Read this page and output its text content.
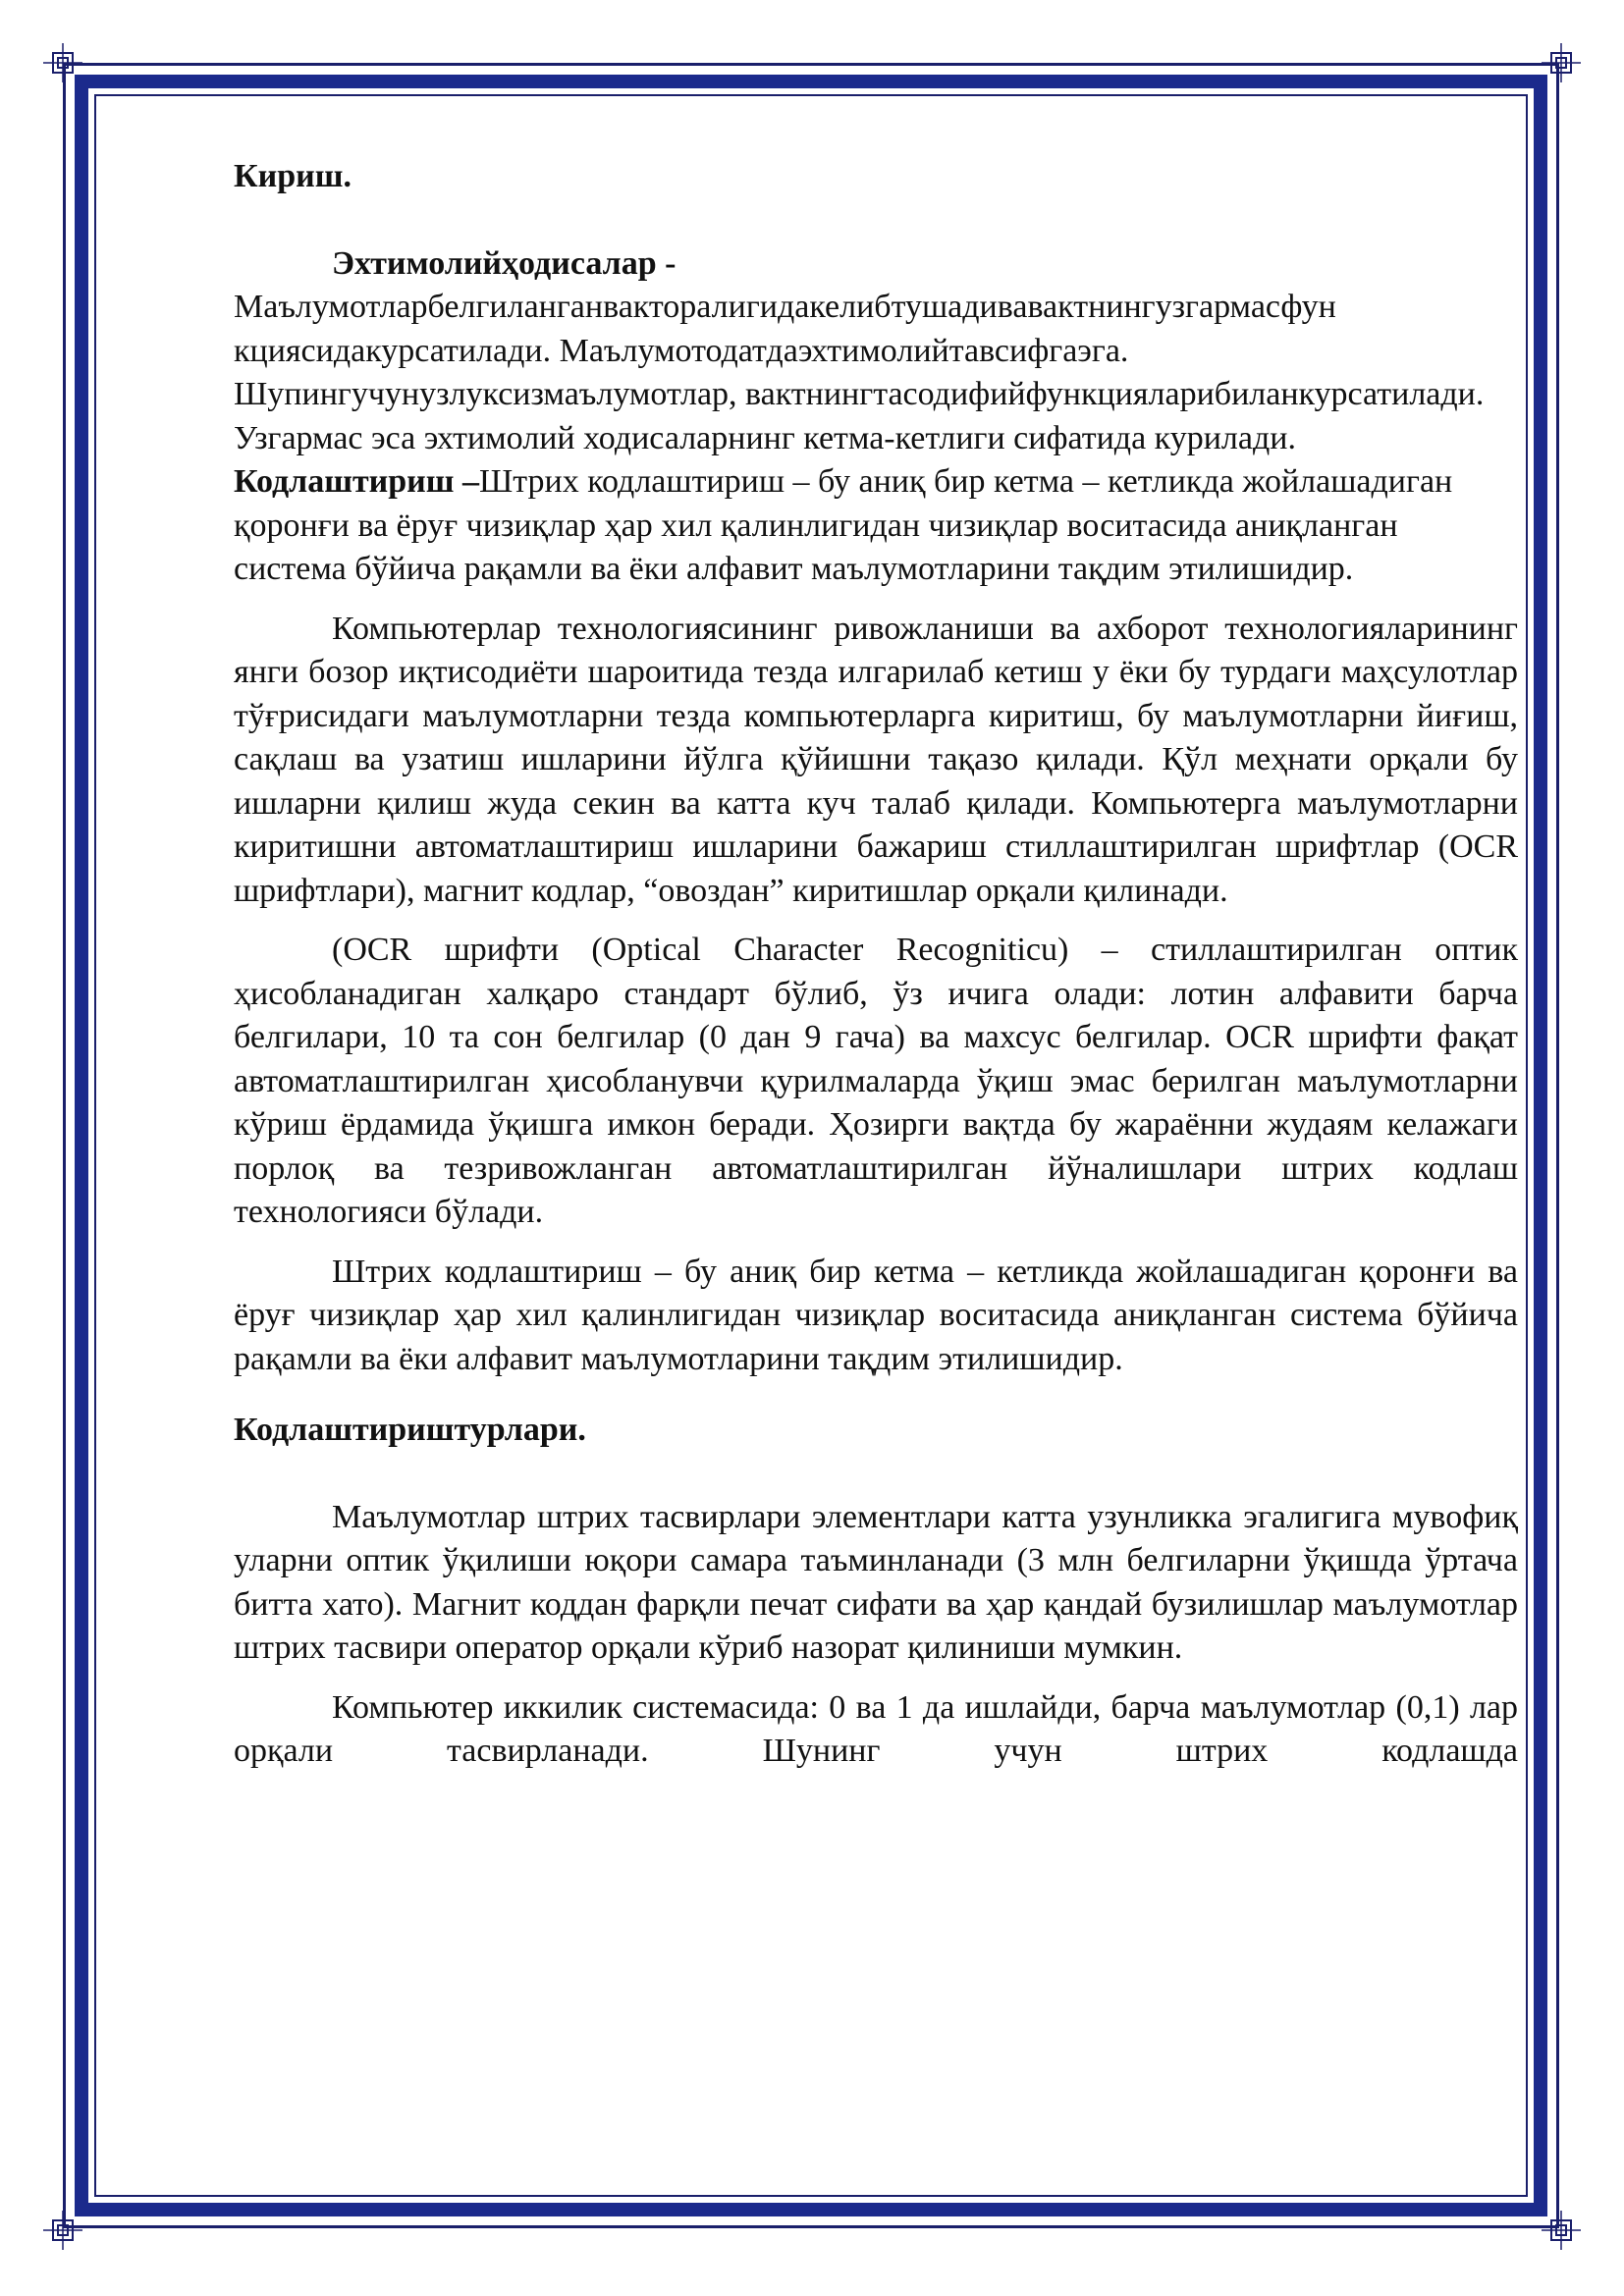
Кириш.

Эхтимолийҳодисалар -

Маълумотларбелгиланганвакторалигидакелибтушадивавактнингузгармасфун кциясидакурсатилади. Маълумотодатдаэхтимолийтавсифгаэга. Шупингучунузлуксизмаълумотлар, вактнингтасодифийфункцияларибиланкурсатилади. Узгармас эса эхтимолий ходисаларнинг кетма-кетлиги сифатида курилади. Кодлаштириш –Штрих кодлаштириш – бу аниқ бир кетма – кетликда жойлашадиган қоронғи ва ёруғ чизиқлар ҳар хил қалинлигидан чизиқлар воситасида аниқланган система бўйича рақамли ва ёки алфавит маълумотларини тақдим этилишидир.

Компьютерлар технологиясининг ривожланиши ва ахборот технологияларининг янги бозор иқтисодиёти шароитида тезда илгарилаб кетиш у ёки бу турдаги маҳсулотлар тўғрисидаги маълумотларни тезда компьютерларга киритиш, бу маълумотларни йиғиш, сақлаш ва узатиш ишларини йўлга қўйишни тақазо қилади. Қўл меҳнати орқали бу ишларни қилиш жуда секин ва катта куч талаб қилади. Компьютерга маълумотларни киритишни автоматлаштириш ишларини бажариш стиллаштирилган шрифтлар (OCR шрифтлари), магнит кодлар, “овоздан” киритишлар орқали қилинади.

(OCR шрифти (Optical Character Recogniticu) – стиллаштирилган оптик ҳисобланадиган халқаро стандарт бўлиб, ўз ичига олади: лотин алфавити барча белгилари, 10 та сон белгилар (0 дан 9 гача) ва махсус белгилар. OCR шрифти фақат автоматлаштирилган ҳисобланувчи қурилмаларда ўқиш эмас берилган маълумотларни кўриш ёрдамида ўқишга имкон беради. Ҳозирги вақтда бу жараённи жудаям келажаги порлоқ ва тезривожланган автоматлаштирилган йўналишлари штрих кодлаш технологияси бўлади.

Штрих кодлаштириш – бу аниқ бир кетма – кетликда жойлашадиган қоронғи ва ёруғ чизиқлар ҳар хил қалинлигидан чизиқлар воситасида аниқланган система бўйича рақамли ва ёки алфавит маълумотларини тақдим этилишидир.

Кодлаштириштурлари.

Маълумотлар штрих тасвирлари элементлари катта узунликка эгалигига мувофиқ уларни оптик ўқилиши юқори самара таъминланади (3 млн белгиларни ўқишда ўртача битта хато). Магнит коддан фарқли печат сифати ва ҳар қандай бузилишлар маълумотлар штрих тасвири оператор орқали кўриб назорат қилиниши мумкин.

Компьютер иккилик системасида: 0 ва 1 да ишлайди, барча маълумотлар (0,1) лар орқали тасвирланади. Шунинг учун штрих кодлашда
